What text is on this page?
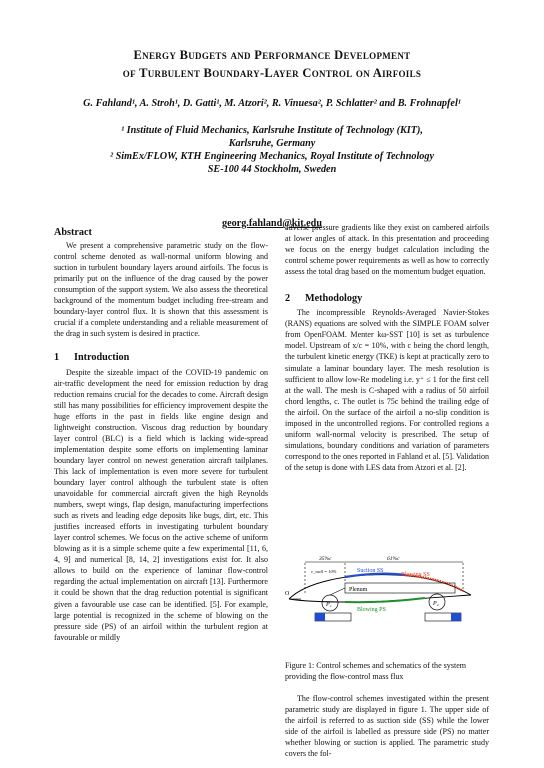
Energy Budgets and Performance Development
of Turbulent Boundary-Layer Control on Airfoils
G. Fahland¹, A. Stroh¹, D. Gatti¹, M. Atzori², R. Vinuesa², P. Schlatter² and B. Frohnapfel¹
¹ Institute of Fluid Mechanics, Karlsruhe Institute of Technology (KIT),
Karlsruhe, Germany
² SimEx/FLOW, KTH Engineering Mechanics, Royal Institute of Technology
SE-100 44 Stockholm, Sweden
georg.fahland@kit.edu
Abstract

We present a comprehensive parametric study on the flow-control scheme denoted as wall-normal uniform blowing and suction in turbulent boundary layers around airfoils. The focus is primarily put on the influence of the drag caused by the power consumption of the support system. We also assess the theoretical background of the momentum budget including free-stream and boundary-layer control flux. It is shown that this assessment is crucial if a complete understanding and a reliable measurement of the drag in such system is desired in practice.

1 Introduction

Despite the sizeable impact of the COVID-19 pandemic on air-traffic development the need for emission reduction by drag reduction remains crucial for the decades to come. Aircraft design still has many possibilities for efficiency improvement despite the huge efforts in the past in fields like engine design and lightweight construction. Viscous drag reduction by boundary layer control (BLC) is a field which is lacking wide-spread implementation despite some efforts on implementing laminar boundary layer control on newest generation aircraft tailplanes. This lack of implementation is even more severe for turbulent boundary layer control although the turbulent state is often unavoidable for commercial aircraft given the high Reynolds numbers, swept wings, flap design, manufacturing imperfections such as rivets and leading edge deposits like bugs, dirt, etc. This justifies increased efforts in investigating turbulent boundary layer control schemes. We focus on the active scheme of uniform blowing as it is a simple scheme quite a few experimental [11, 6, 4, 9] and numerical [8, 14, 2] investigations exist for. It also allows to build on the experience of laminar flow-control regarding the actual implementation on aircraft [13]. Furthermore it could be shown that the drag reduction potential is significant given a favourable use case can be identified. [5]. For example, large potential is recognized in the scheme of blowing on the pressure side (PS) of an airfoil within the turbulent region at favourable or mildly

adverse pressure gradients like they exist on cambered airfoils at lower angles of attack. In this presentation and proceeding we focus on the energy budget calculation including the control scheme power requirements as well as how to correctly assess the total drag based on the momentum budget equation.

2 Methodology

The incompressible Reynolds-Averaged Navier-Stokes (RANS) equations are solved with the SIMPLE FOAM solver from OpenFOAM. Menter kω-SST [10] is set as turbulence model. Upstream of x/c = 10%, with c being the chord length, the turbulent kinetic energy (TKE) is kept at practically zero to simulate a laminar boundary layer. The mesh resolution is sufficient to allow low-Re modeling i.e. y⁺ ≤ 1 for the first cell at the wall. The mesh is C-shaped with a radius of 50 airfoil chord lengths, c. The outlet is 75c behind the trailing edge of the airfoil. On the surface of the airfoil a no-slip condition is imposed in the uncontrolled regions. For controlled regions a uniform wall-normal velocity is prescribed. The setup of simulations, boundary conditions and variation of parameters correspond to the ones reported in Fahland et al. [5]. Validation of the setup is done with LES data from Atzori et al. [2].

35%c	61%c
v_wall = 10%	Suction SS
Blowing SS
Plenum
Blowing PS
P₁	P₂
O
Figure 1: Control schemes and schematics of the system providing the flow-control mass flux

The flow-control schemes investigated within the present parametric study are displayed in figure 1. The upper side of the airfoil is referred to as suction side (SS) while the lower side of the airfoil is labelled as pressure side (PS) no matter whether blowing or suction is applied. The parametric study covers the fol-
